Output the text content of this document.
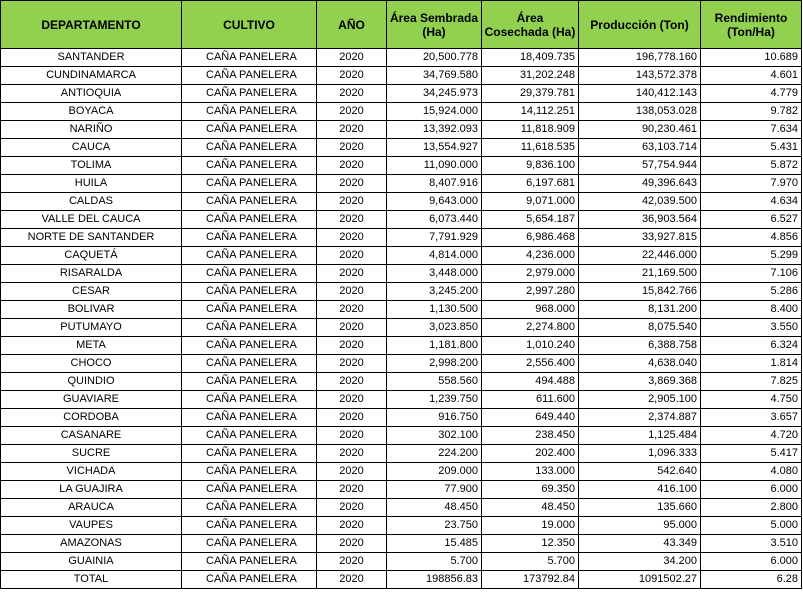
DEPARTAMENTO	CULTIVO	AÑO	Área Sembrada (Ha)	Área Cosechada (Ha)	Producción (Ton)	Rendimiento (Ton/Ha)
SANTANDER	CAÑA PANELERA	2020	20,500.778	18,409.735	196,778.160	10.689
CUNDINAMARCA	CAÑA PANELERA	2020	34,769.580	31,202.248	143,572.378	4.601
ANTIOQUIA	CAÑA PANELERA	2020	34,245.973	29,379.781	140,412.143	4.779
BOYACA	CAÑA PANELERA	2020	15,924.000	14,112.251	138,053.028	9.782
NARIÑO	CAÑA PANELERA	2020	13,392.093	11,818.909	90,230.461	7.634
CAUCA	CAÑA PANELERA	2020	13,554.927	11,618.535	63,103.714	5.431
TOLIMA	CAÑA PANELERA	2020	11,090.000	9,836.100	57,754.944	5.872
HUILA	CAÑA PANELERA	2020	8,407.916	6,197.681	49,396.643	7.970
CALDAS	CAÑA PANELERA	2020	9,643.000	9,071.000	42,039.500	4.634
VALLE DEL CAUCA	CAÑA PANELERA	2020	6,073.440	5,654.187	36,903.564	6.527
NORTE DE SANTANDER	CAÑA PANELERA	2020	7,791.929	6,986.468	33,927.815	4.856
CAQUETÁ	CAÑA PANELERA	2020	4,814.000	4,236.000	22,446.000	5.299
RISARALDA	CAÑA PANELERA	2020	3,448.000	2,979.000	21,169.500	7.106
CESAR	CAÑA PANELERA	2020	3,245.200	2,997.280	15,842.766	5.286
BOLIVAR	CAÑA PANELERA	2020	1,130.500	968.000	8,131.200	8.400
PUTUMAYO	CAÑA PANELERA	2020	3,023.850	2,274.800	8,075.540	3.550
META	CAÑA PANELERA	2020	1,181.800	1,010.240	6,388.758	6.324
CHOCO	CAÑA PANELERA	2020	2,998.200	2,556.400	4,638.040	1.814
QUINDIO	CAÑA PANELERA	2020	558.560	494.488	3,869.368	7.825
GUAVIARE	CAÑA PANELERA	2020	1,239.750	611.600	2,905.100	4.750
CORDOBA	CAÑA PANELERA	2020	916.750	649.440	2,374.887	3.657
CASANARE	CAÑA PANELERA	2020	302.100	238.450	1,125.484	4.720
SUCRE	CAÑA PANELERA	2020	224.200	202.400	1,096.333	5.417
VICHADA	CAÑA PANELERA	2020	209.000	133.000	542.640	4.080
LA GUAJIRA	CAÑA PANELERA	2020	77.900	69.350	416.100	6.000
ARAUCA	CAÑA PANELERA	2020	48.450	48.450	135.660	2.800
VAUPES	CAÑA PANELERA	2020	23.750	19.000	95.000	5.000
AMAZONAS	CAÑA PANELERA	2020	15.485	12.350	43.349	3.510
GUAINIA	CAÑA PANELERA	2020	5.700	5.700	34.200	6.000
TOTAL	CAÑA PANELERA	2020	198856.83	173792.84	1091502.27	6.28
